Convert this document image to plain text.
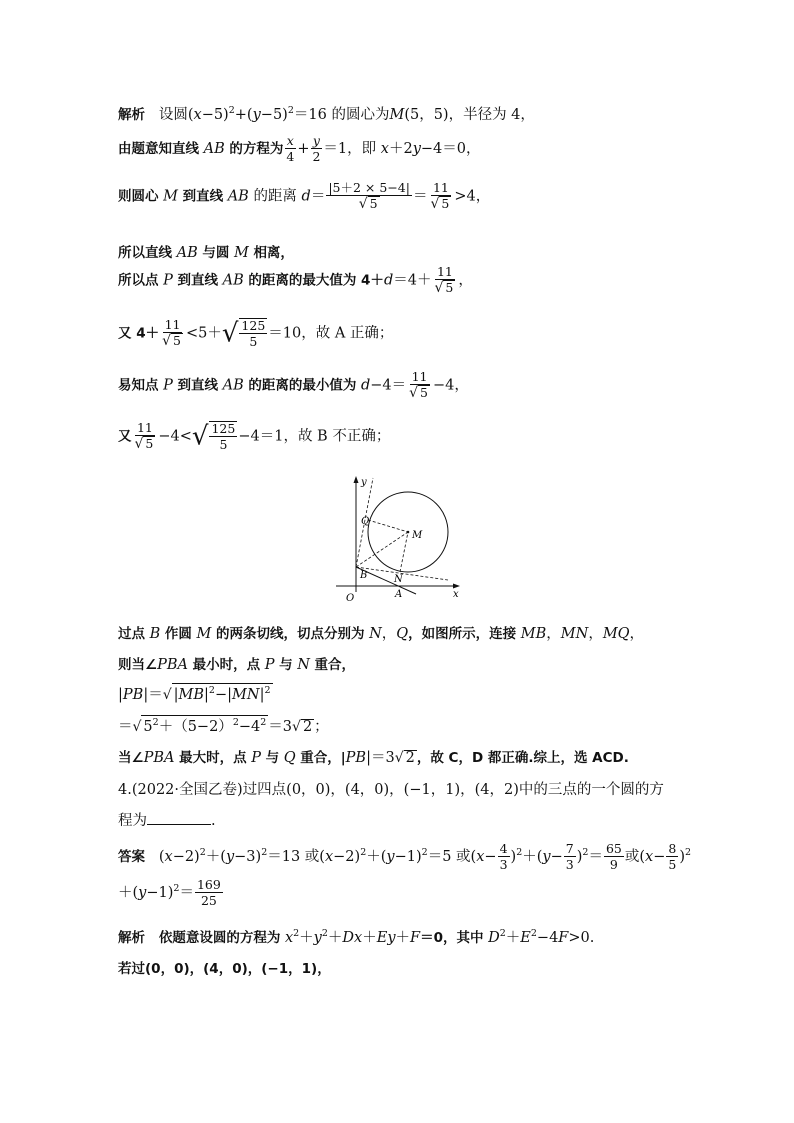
解析 设圆$(x-5)^2+(y-5)^2=16$ 的圆心为M(5，5)，半径为 4，
由题意知直线 AB 的方程为 $\frac{x}{4} + \frac{y}{2} =1$，即 x＋2y−4＝0，
则圆心 M 到直线 AB 的距离 $d= \frac{|5+2 \times 5-4|}{√ 5} = \frac{11}{√ 5} >4$，
所以直线 AB 与圆 M 相离，
所以点 P 到直线 AB 的距离的最大值为 $4+d=4+ \frac{11}{√ 5}$ ，
又 $4+ \frac{11}{√ 5} <5+√ \frac{125}{5} =10$，故 A 正确；
易知点 P 到直线 AB 的距离的最小值为 $d-4= \frac{11}{√ 5} -4$，
又 $\frac{11}{√ 5} -4<√ \frac{125}{5} -4=1$，故 B 不正确；
y
x
O	A
B	N
Q
M
过点 B 作圆 M 的两条切线，切点分别为 N，Q，如图所示，连接 MB，MN，MQ，
则当∠PBA 最小时，点 P 与 N 重合，
|PB|＝√ $|MB|^2-|MN|^2$
＝√ $5^2+(5-2)^2-4^2 =3√$ 2 ；
当∠PBA 最大时，点 P 与 Q 重合，|PB|＝3√ 2 ，故 C，D 都正确.综上，选 ACD.
4.(2022·全国乙卷)过四点(0，0)，(4，0)，(−1，1)，(4，2)中的三点的一个圆的方
程为	.
答案 $(x-2)^2+(y-3)^2=13$ 或$(x-2)^2+(y-1)^2=5$ 或$(x- \frac{4}{3} )^2+(y- \frac{7}{3} )^2= \frac{65}{9}$ 或$(x- \frac{8}{5} )^2$
$+(y-1)^2= \frac{169}{25}$
解析 依题意设圆的方程为 $x^2+y^2+Dx+Ey+F=0$，其中 $D^2+E^2-4F>0$.
若过(0，0)，(4，0)，(−1，1)，
